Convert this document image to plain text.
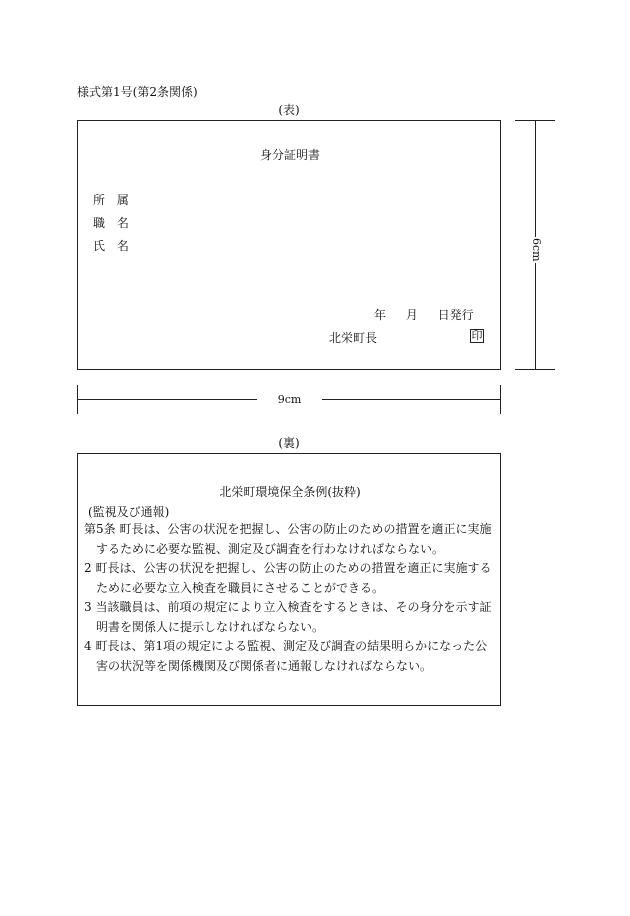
様式第1号(第2条関係)
(表)
身分証明書
所 属
職 名
氏 名
年 月 日発行
北栄町長	印
6cm
9cm
(裏)
北栄町環境保全条例(抜粋)
(監視及び通報)
第5条 町長は、公害の状況を把握し、公害の防止のための措置を適正に実施
するために必要な監視、測定及び調査を行わなければならない。
2 町長は、公害の状況を把握し、公害の防止のための措置を適正に実施する
ために必要な立入検査を職員にさせることができる。
3 当該職員は、前項の規定により立入検査をするときは、その身分を示す証
明書を関係人に提示しなければならない。
4 町長は、第1項の規定による監視、測定及び調査の結果明らかになった公
害の状況等を関係機関及び関係者に通報しなければならない。
